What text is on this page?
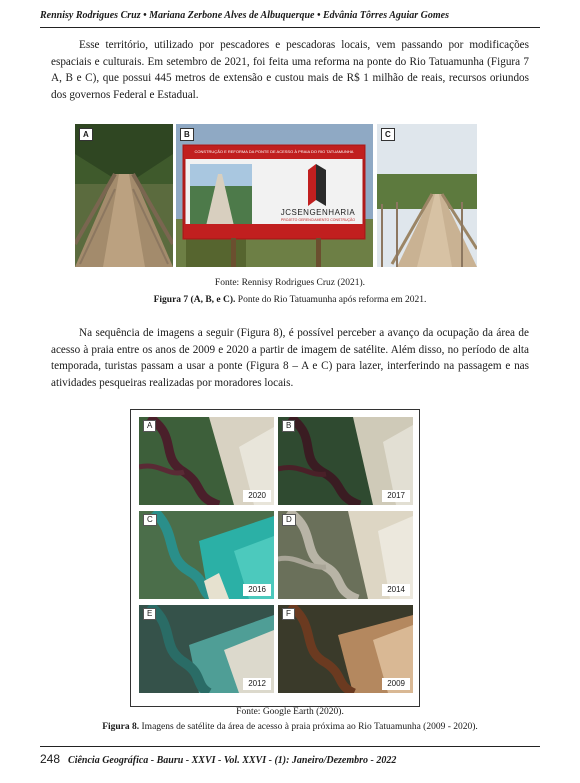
Rennisy Rodrigues Cruz • Mariana Zerbone Alves de Albuquerque • Edvânia Tôrres Aguiar Gomes
Esse território, utilizado por pescadores e pescadoras locais, vem passando por modificações espaciais e culturais. Em setembro de 2021, foi feita uma reforma na ponte do Rio Tatuamunha (Figura 7 A, B e C), que possui 445 metros de extensão e custou mais de R$ 1 milhão de reais, recursos oriundos dos governos Federal e Estadual.
A
CONSTRUÇÃO E REFORMA DA PONTE DE ACESSO À PRAIA DO RIO TATUAMUNHA
JCSENGENHARIA
PROJETO GERENCIAMENTO CONSTRUÇÃO
B	C
Fonte: Rennisy Rodrigues Cruz (2021).
Figura 7 (A, B, e C). Ponte do Rio Tatuamunha após reforma em 2021.
Na sequência de imagens a seguir (Figura 8), é possível perceber a avanço da ocupação da área de acesso à praia entre os anos de 2009 e 2020 a partir de imagem de satélite. Além disso, no período de alta temporada, turistas passam a usar a ponte (Figura 8 – A e C) para lazer, interferindo na passagem e nas atividades pesqueiras realizadas por moradores locais.
A
2020
B
2017
C
2016
D
2014
E
2012
F
2009
Fonte: Google Earth (2020).
Figura 8. Imagens de satélite da área de acesso à praia próxima ao Rio Tatuamunha (2009 - 2020).
248 Ciência Geográfica - Bauru - XXVI - Vol. XXVI - (1): Janeiro/Dezembro - 2022
